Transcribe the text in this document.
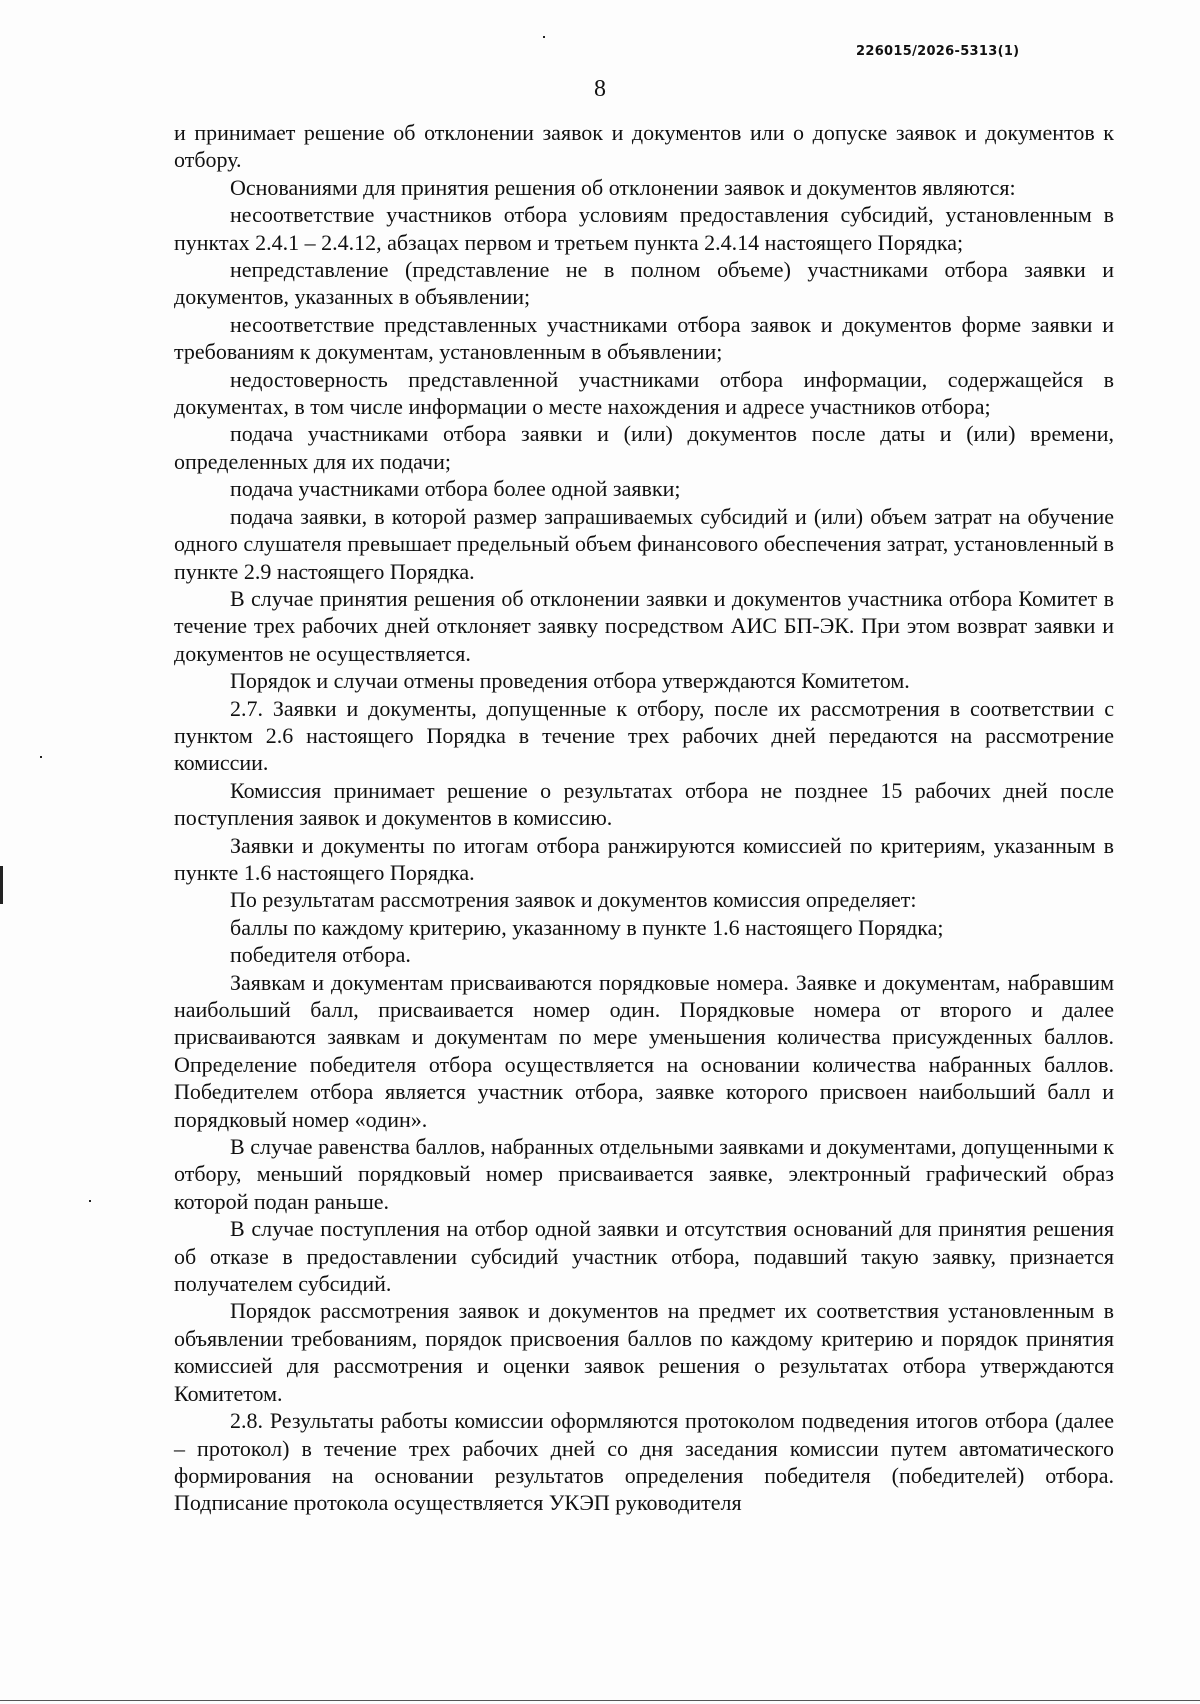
226015/2026-5313(1)
8

и принимает решение об отклонении заявок и документов или о допуске заявок и документов к отбору.

Основаниями для принятия решения об отклонении заявок и документов являются:

несоответствие участников отбора условиям предоставления субсидий, установленным в пунктах 2.4.1 – 2.4.12, абзацах первом и третьем пункта 2.4.14 настоящего Порядка;

непредставление (представление не в полном объеме) участниками отбора заявки и документов, указанных в объявлении;

несоответствие представленных участниками отбора заявок и документов форме заявки и требованиям к документам, установленным в объявлении;

недостоверность представленной участниками отбора информации, содержащейся в документах, в том числе информации о месте нахождения и адресе участников отбора;

подача участниками отбора заявки и (или) документов после даты и (или) времени, определенных для их подачи;

подача участниками отбора более одной заявки;

подача заявки, в которой размер запрашиваемых субсидий и (или) объем затрат на обучение одного слушателя превышает предельный объем финансового обеспечения затрат, установленный в пункте 2.9 настоящего Порядка.

В случае принятия решения об отклонении заявки и документов участника отбора Комитет в течение трех рабочих дней отклоняет заявку посредством АИС БП-ЭК. При этом возврат заявки и документов не осуществляется.

Порядок и случаи отмены проведения отбора утверждаются Комитетом.

2.7. Заявки и документы, допущенные к отбору, после их рассмотрения в соответствии с пунктом 2.6 настоящего Порядка в течение трех рабочих дней передаются на рассмотрение комиссии.

Комиссия принимает решение о результатах отбора не позднее 15 рабочих дней после поступления заявок и документов в комиссию.

Заявки и документы по итогам отбора ранжируются комиссией по критериям, указанным в пункте 1.6 настоящего Порядка.

По результатам рассмотрения заявок и документов комиссия определяет:

баллы по каждому критерию, указанному в пункте 1.6 настоящего Порядка;

победителя отбора.

Заявкам и документам присваиваются порядковые номера. Заявке и документам, набравшим наибольший балл, присваивается номер один. Порядковые номера от второго и далее присваиваются заявкам и документам по мере уменьшения количества присужденных баллов. Определение победителя отбора осуществляется на основании количества набранных баллов. Победителем отбора является участник отбора, заявке которого присвоен наибольший балл и порядковый номер «один».

В случае равенства баллов, набранных отдельными заявками и документами, допущенными к отбору, меньший порядковый номер присваивается заявке, электронный графический образ которой подан раньше.

В случае поступления на отбор одной заявки и отсутствия оснований для принятия решения об отказе в предоставлении субсидий участник отбора, подавший такую заявку, признается получателем субсидий.

Порядок рассмотрения заявок и документов на предмет их соответствия установленным в объявлении требованиям, порядок присвоения баллов по каждому критерию и порядок принятия комиссией для рассмотрения и оценки заявок решения о результатах отбора утверждаются Комитетом.

2.8. Результаты работы комиссии оформляются протоколом подведения итогов отбора (далее – протокол) в течение трех рабочих дней со дня заседания комиссии путем автоматического формирования на основании результатов определения победителя (победителей) отбора. Подписание протокола осуществляется УКЭП руководителя
